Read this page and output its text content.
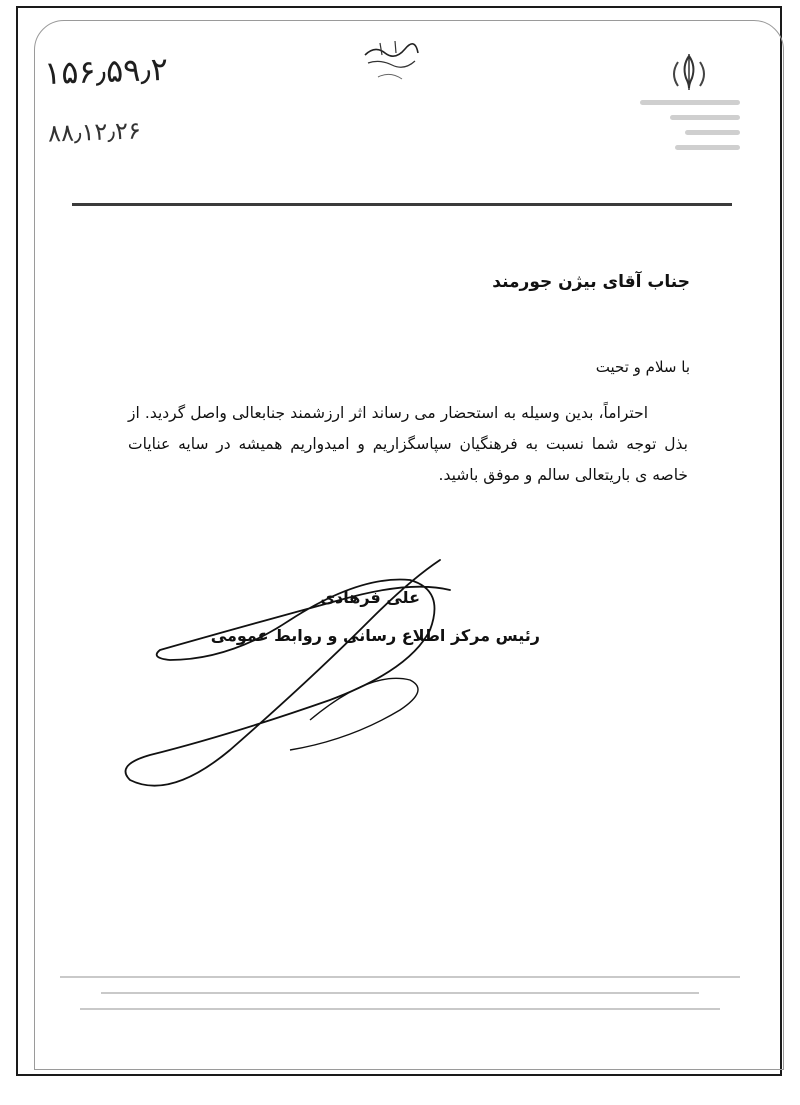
۱۵۶٫۵۹٫۲
۸۸٫۱۲٫۲۶
جناب آقای بیژن جورمند
با سلام و تحیت
احتراماً، بدین وسیله به استحضار می رساند اثر ارزشمند جنابعالی واصل گردید. از بذل توجه شما نسبت به فرهنگیان سپاسگزاریم و امیدواریم همیشه در سایه عنایات خاصه ی باریتعالی سالم و موفق باشید.
علی فرهادی
رئیس مرکز اطلاع رسانی و روابط عمومی
